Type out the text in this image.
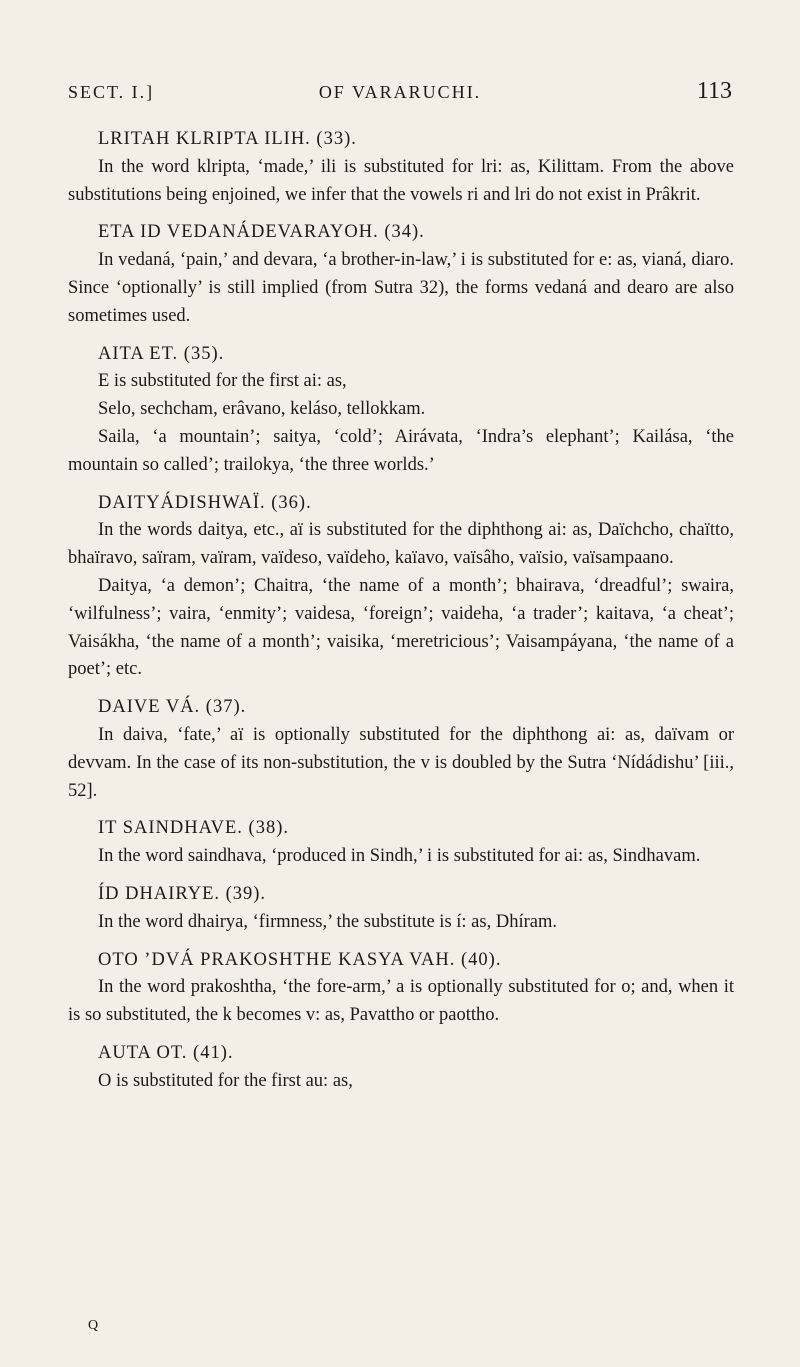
SECT. I.]	OF VARARUCHI.	113
LRITAH KLRIPTA ILIH. (33).

In the word klripta, ‘made,’ ili is substituted for lri: as, Kilittam. From the above substitutions being enjoined, we infer that the vowels ri and lri do not exist in Prâkrit.

ETA ID VEDANÁDEVARAYOH. (34).

In vedaná, ‘pain,’ and devara, ‘a brother-in-law,’ i is substituted for e: as, vianá, diaro. Since ‘optionally’ is still implied (from Sutra 32), the forms vedaná and dearo are also sometimes used.

AITA ET. (35).

E is substituted for the first ai: as,

Selo, sechcham, erâvano, keláso, tellokkam.

Saila, ‘a mountain’; saitya, ‘cold’; Airávata, ‘Indra’s elephant’; Kailása, ‘the mountain so called’; trailokya, ‘the three worlds.’

DAITYÁDISHWAÏ. (36).

In the words daitya, etc., aï is substituted for the diphthong ai: as, Daïchcho, chaïtto, bhaïravo, saïram, vaïram, vaïdeso, vaïdeho, kaïavo, vaïsâho, vaïsio, vaïsampaano.

Daitya, ‘a demon’; Chaitra, ‘the name of a month’; bhairava, ‘dreadful’; swaira, ‘wilfulness’; vaira, ‘enmity’; vaidesa, ‘foreign’; vaideha, ‘a trader’; kaitava, ‘a cheat’; Vaisákha, ‘the name of a month’; vaisika, ‘meretricious’; Vaisampáyana, ‘the name of a poet’; etc.

DAIVE VÁ. (37).

In daiva, ‘fate,’ aï is optionally substituted for the diphthong ai: as, daïvam or devvam. In the case of its non-substitution, the v is doubled by the Sutra ‘Nídádishu’ [iii., 52].

IT SAINDHAVE. (38).

In the word saindhava, ‘produced in Sindh,’ i is substituted for ai: as, Sindhavam.

ÍD DHAIRYE. (39).

In the word dhairya, ‘firmness,’ the substitute is í: as, Dhíram.

OTO ’DVÁ PRAKOSHTHE KASYA VAH. (40).

In the word prakoshtha, ‘the fore-arm,’ a is optionally substituted for o; and, when it is so substituted, the k becomes v: as, Pavattho or paottho.

AUTA OT. (41).

O is substituted for the first au: as,

Q
